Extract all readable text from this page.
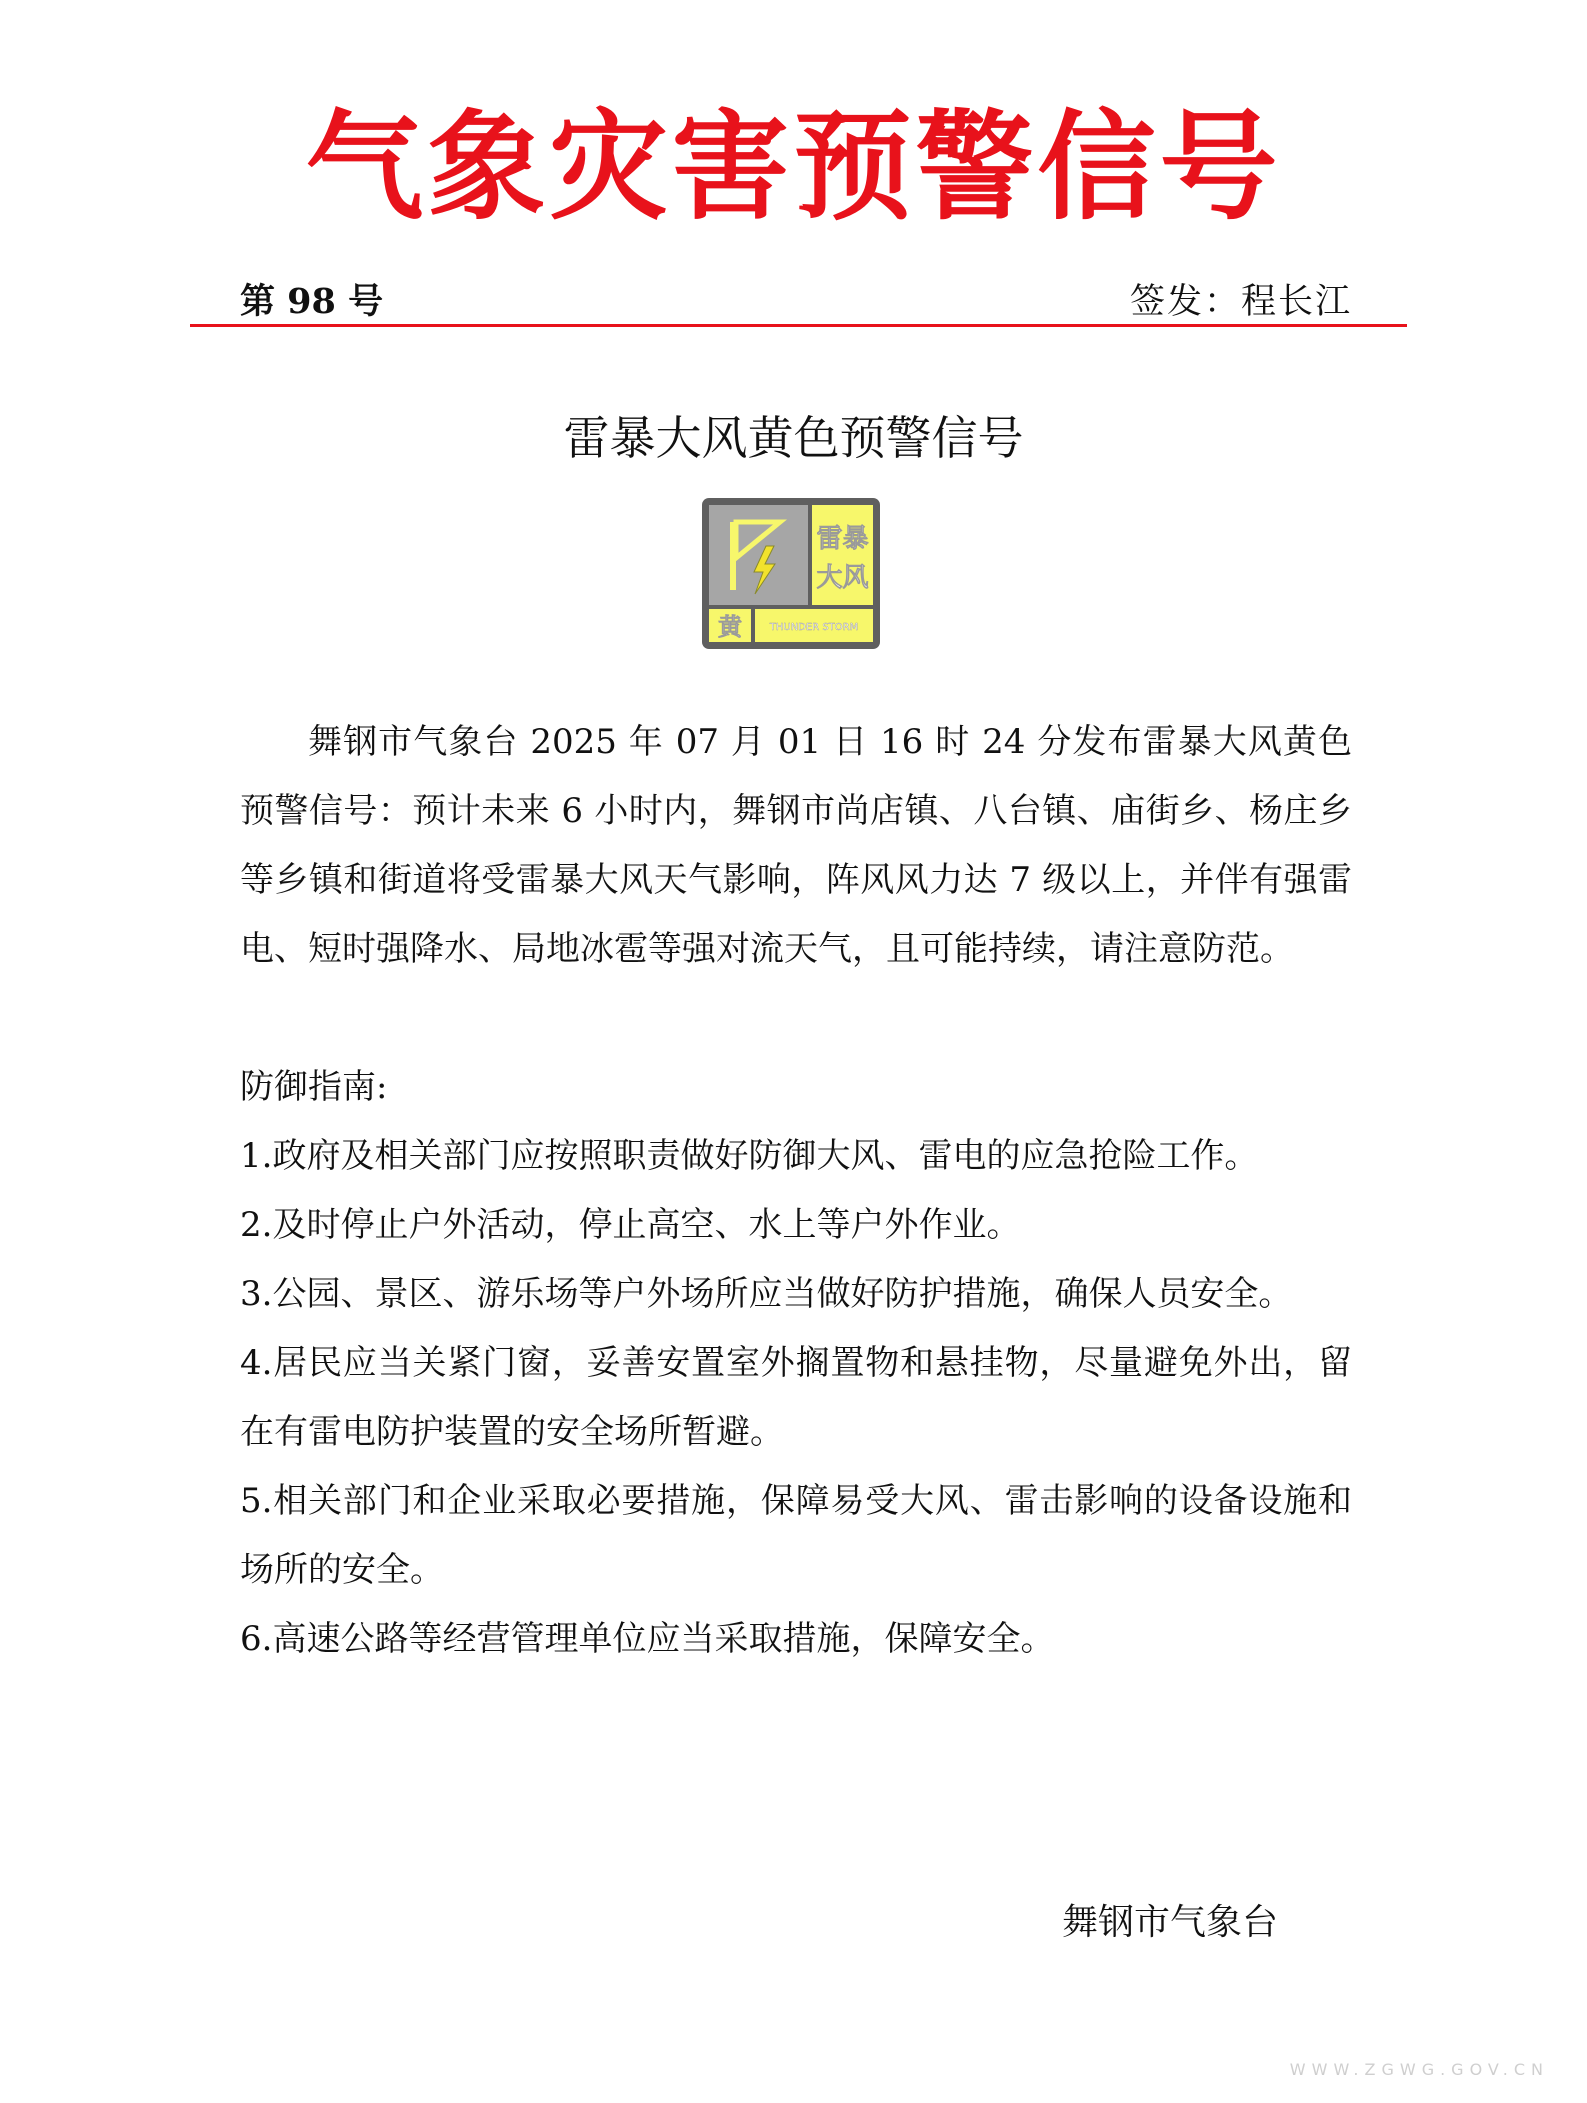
气象灾害预警信号
第 98 号	签发：程长江
雷暴大风黄色预警信号
雷暴
大风
黄	THUNDER STORM

舞钢市气象台 2025 年 07 月 01 日 16 时 24 分发布雷暴大风黄色预警信号：预计未来 6 小时内，舞钢市尚店镇、八台镇、庙街乡、杨庄乡等乡镇和街道将受雷暴大风天气影响，阵风风力达 7 级以上，并伴有强雷电、短时强降水、局地冰雹等强对流天气，且可能持续，请注意防范。

防御指南:

1.政府及相关部门应按照职责做好防御大风、雷电的应急抢险工作。

2.及时停止户外活动，停止高空、水上等户外作业。

3.公园、景区、游乐场等户外场所应当做好防护措施，确保人员安全。

4.居民应当关紧门窗，妥善安置室外搁置物和悬挂物，尽量避免外出，留在有雷电防护装置的安全场所暂避。

5.相关部门和企业采取必要措施，保障易受大风、雷击影响的设备设施和场所的安全。

6.高速公路等经营管理单位应当采取措施，保障安全。

舞钢市气象台
WWW.ZGWG.GOV.CN
